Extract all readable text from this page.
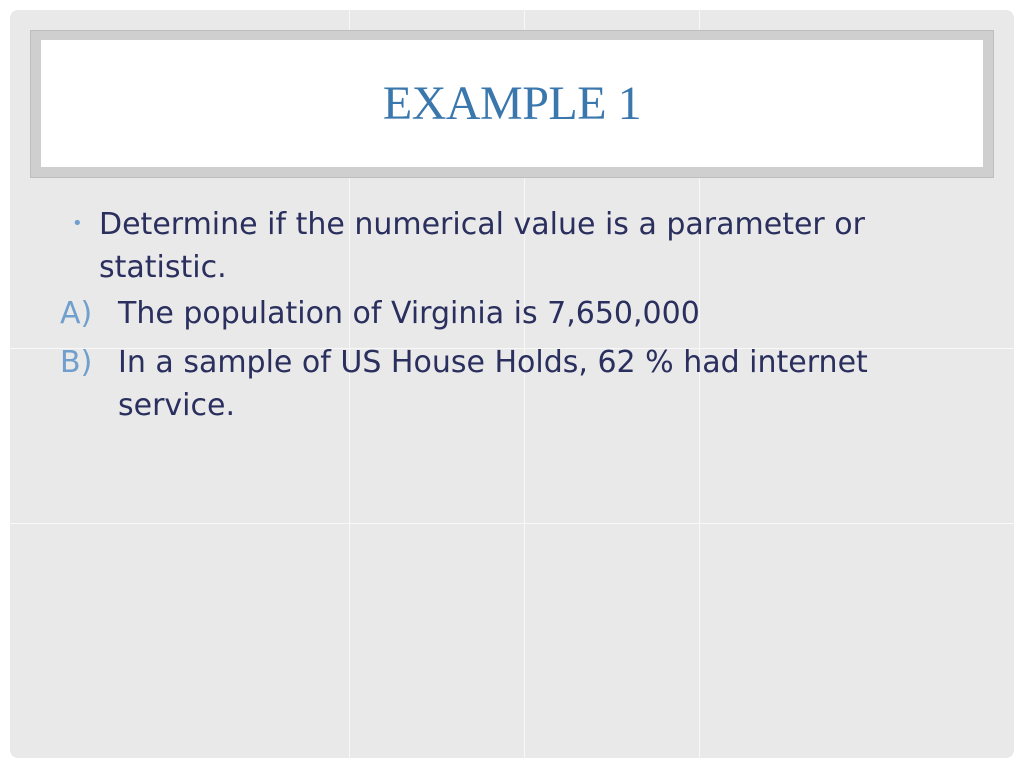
EXAMPLE 1
• Determine if the numerical value is a parameter or statistic.
A) The population of Virginia is 7,650,000
B) In a sample of US House Holds, 62 % had internet service.
